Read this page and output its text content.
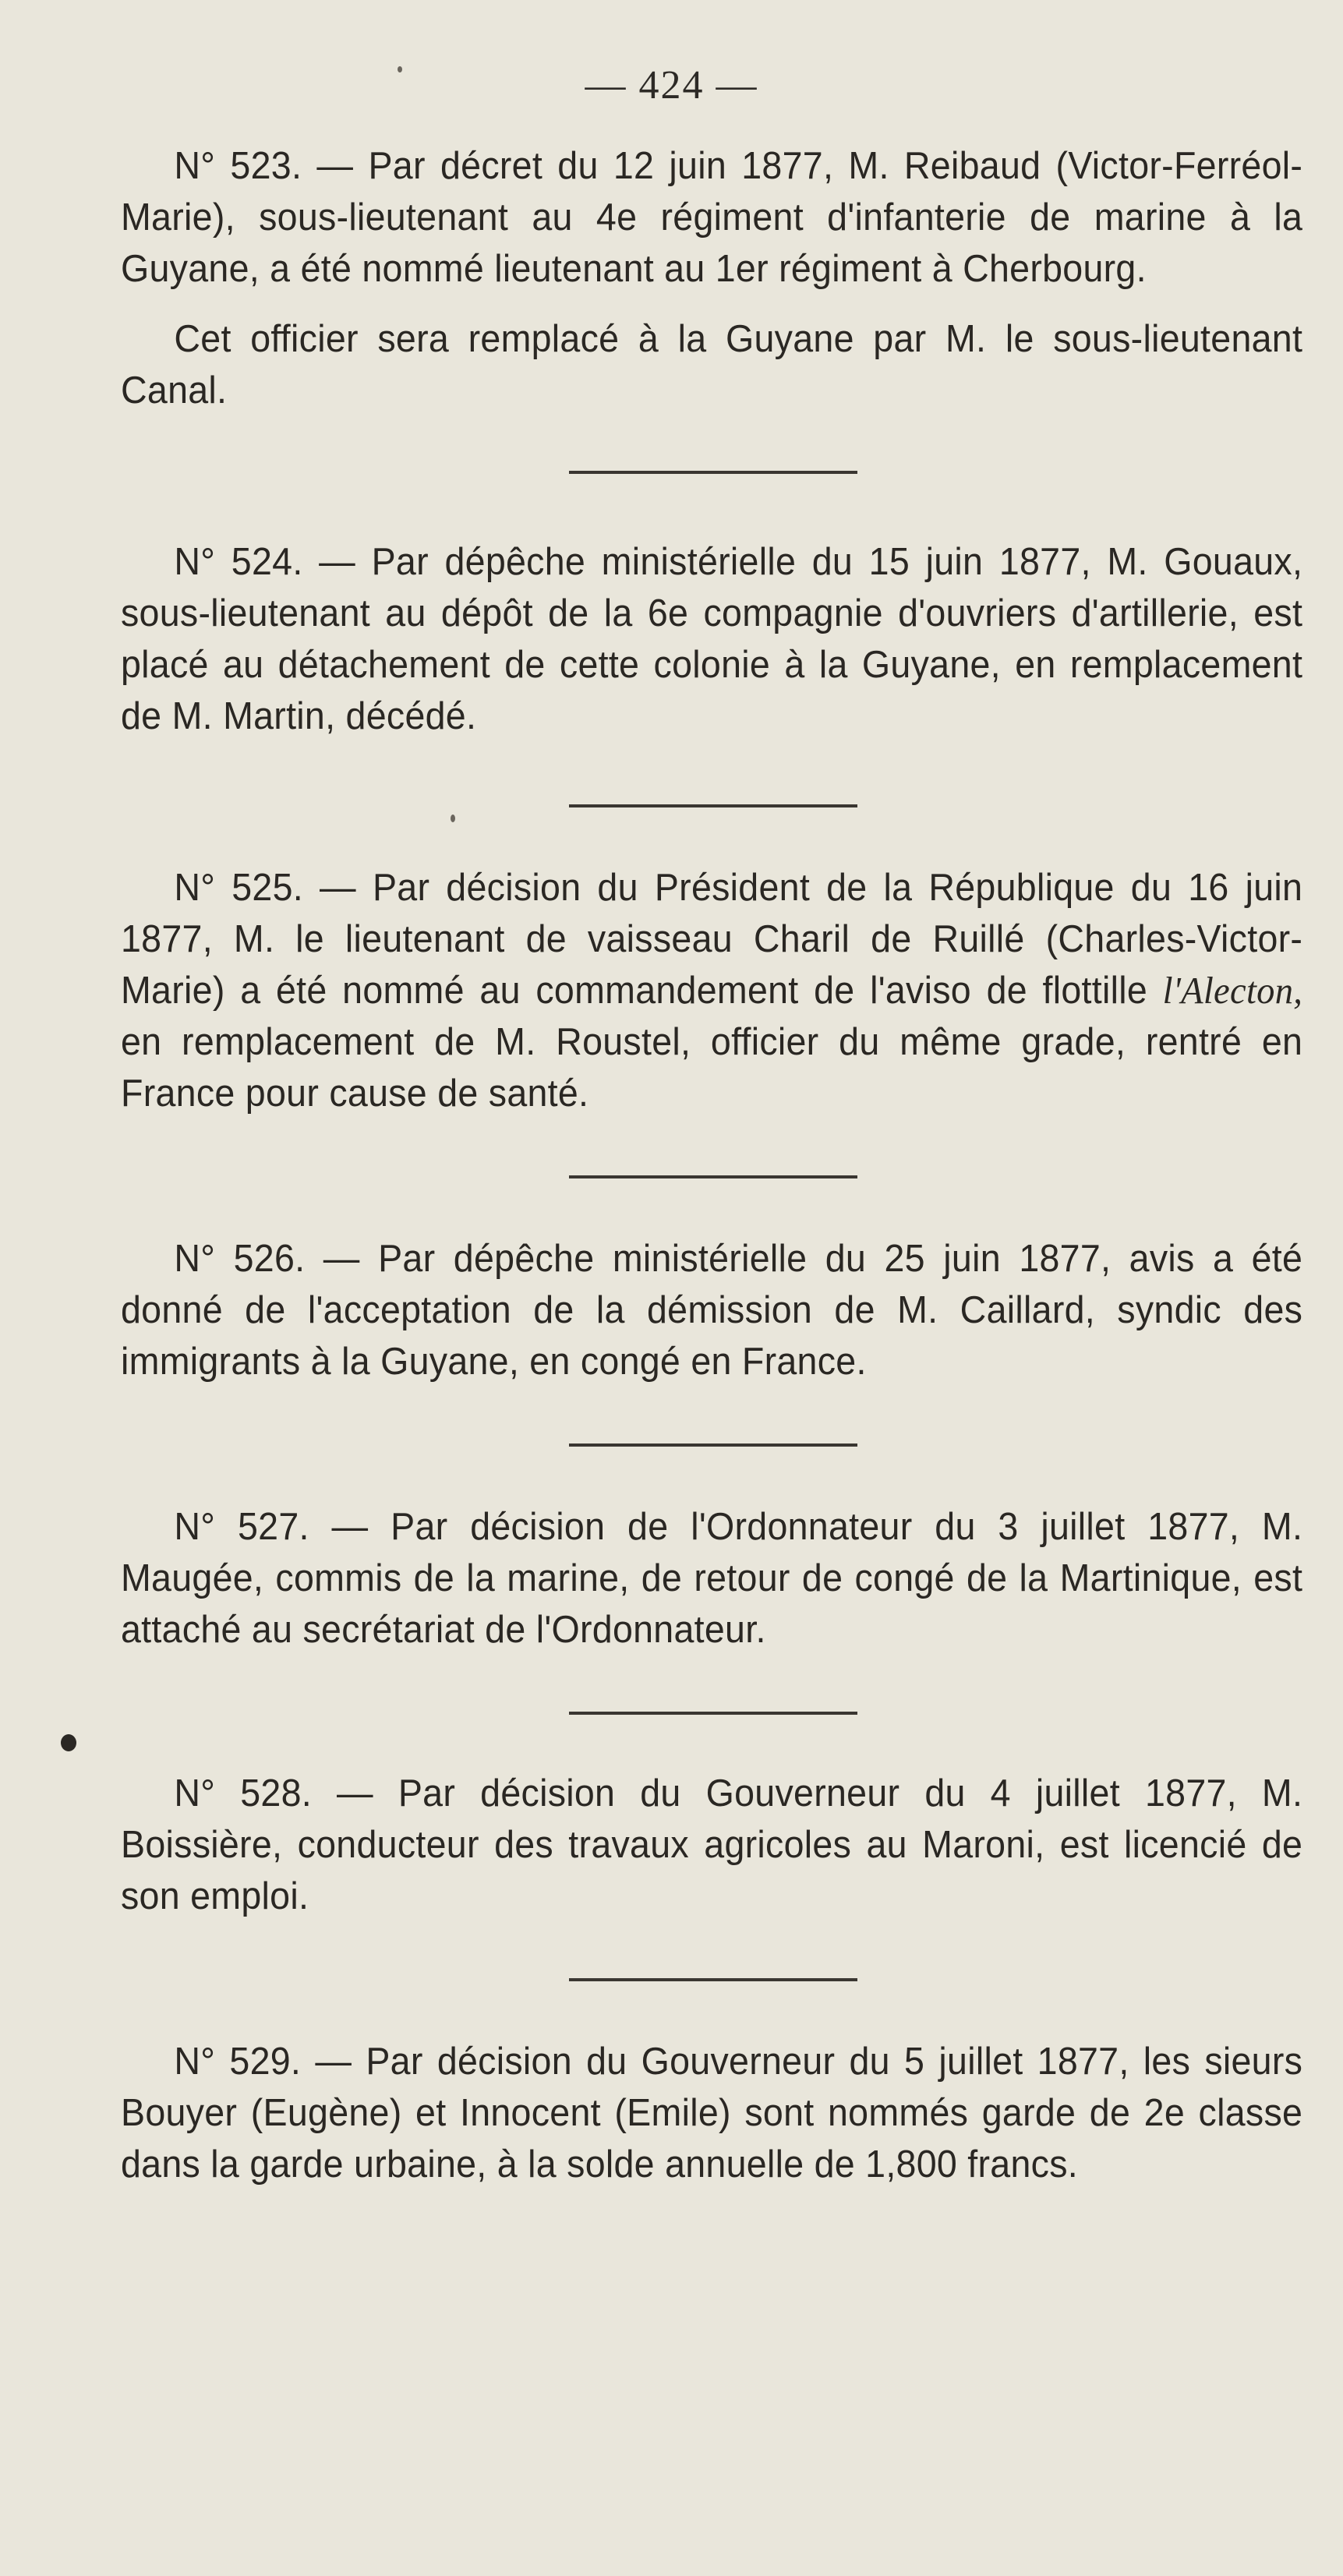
— 424 —

N° 523. — Par décret du 12 juin 1877, M. Reibaud (Victor-Ferréol-Marie), sous-lieutenant au 4e régiment d'infanterie de marine à la Guyane, a été nommé lieutenant au 1er régiment à Cherbourg.

Cet officier sera remplacé à la Guyane par M. le sous-lieutenant Canal.

N° 524. — Par dépêche ministérielle du 15 juin 1877, M. Gouaux, sous-lieutenant au dépôt de la 6e compagnie d'ouvriers d'artillerie, est placé au détachement de cette colonie à la Guyane, en remplacement de M. Martin, décédé.

N° 525. — Par décision du Président de la République du 16 juin 1877, M. le lieutenant de vaisseau Charil de Ruillé (Charles-Victor-Marie) a été nommé au commandement de l'aviso de flottille l'Alecton, en remplacement de M. Roustel, officier du même grade, rentré en France pour cause de santé.

N° 526. — Par dépêche ministérielle du 25 juin 1877, avis a été donné de l'acceptation de la démission de M. Caillard, syndic des immigrants à la Guyane, en congé en France.

N° 527. — Par décision de l'Ordonnateur du 3 juillet 1877, M. Maugée, commis de la marine, de retour de congé de la Martinique, est attaché au secrétariat de l'Ordonnateur.

N° 528. — Par décision du Gouverneur du 4 juillet 1877, M. Boissière, conducteur des travaux agricoles au Maroni, est licencié de son emploi.

N° 529. — Par décision du Gouverneur du 5 juillet 1877, les sieurs Bouyer (Eugène) et Innocent (Emile) sont nommés garde de 2e classe dans la garde urbaine, à la solde annuelle de 1,800 francs.
